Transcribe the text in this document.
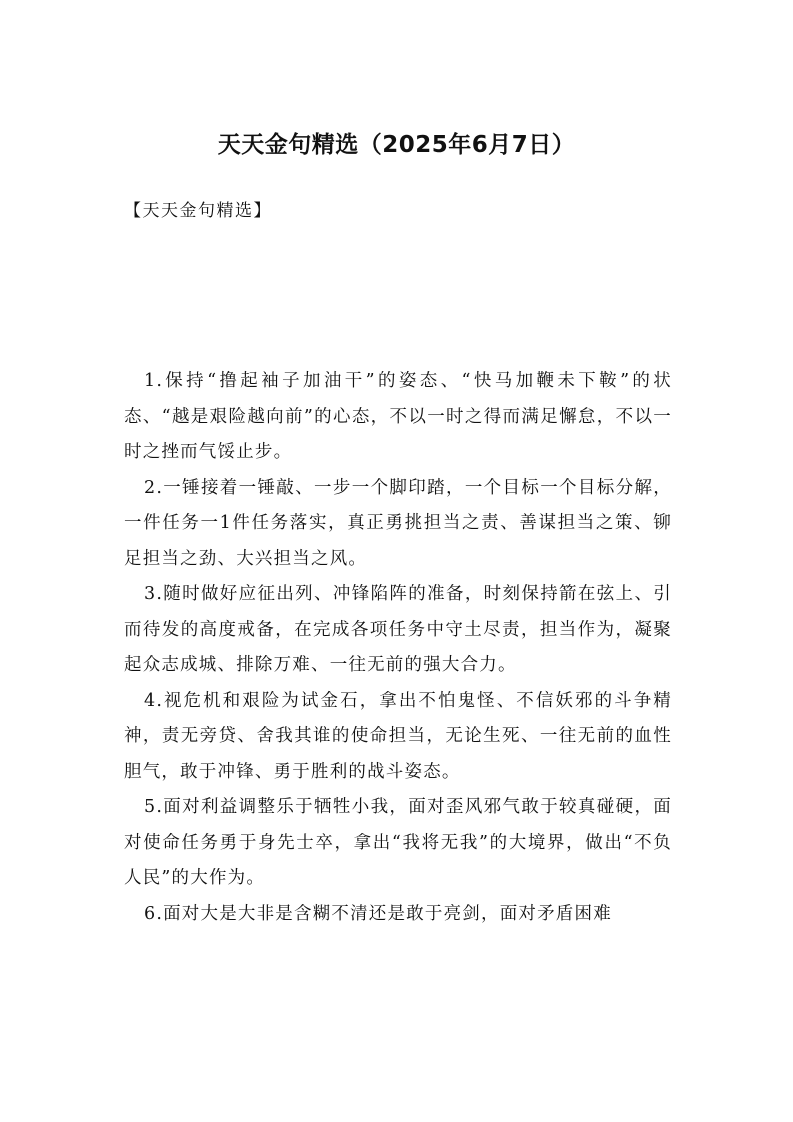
天天金句精选（2025年6月7日）

【天天金句精选】

1.保持“撸起袖子加油干”的姿态、“快马加鞭未下鞍”的状态、“越是艰险越向前”的心态，不以一时之得而满足懈怠，不以一时之挫而气馁止步。

2.一锤接着一锤敲、一步一个脚印踏，一个目标一个目标分解，一件任务一1件任务落实，真正勇挑担当之责、善谋担当之策、铆足担当之劲、大兴担当之风。

3.随时做好应征出列、冲锋陷阵的准备，时刻保持箭在弦上、引而待发的高度戒备，在完成各项任务中守土尽责，担当作为，凝聚起众志成城、排除万难、一往无前的强大合力。

4.视危机和艰险为试金石，拿出不怕鬼怪、不信妖邪的斗争精神，责无旁贷、舍我其谁的使命担当，无论生死、一往无前的血性胆气，敢于冲锋、勇于胜利的战斗姿态。

5.面对利益调整乐于牺牲小我，面对歪风邪气敢于较真碰硬，面对使命任务勇于身先士卒，拿出“我将无我”的大境界，做出“不负人民”的大作为。

6.面对大是大非是含糊不清还是敢于亮剑，面对矛盾困难
